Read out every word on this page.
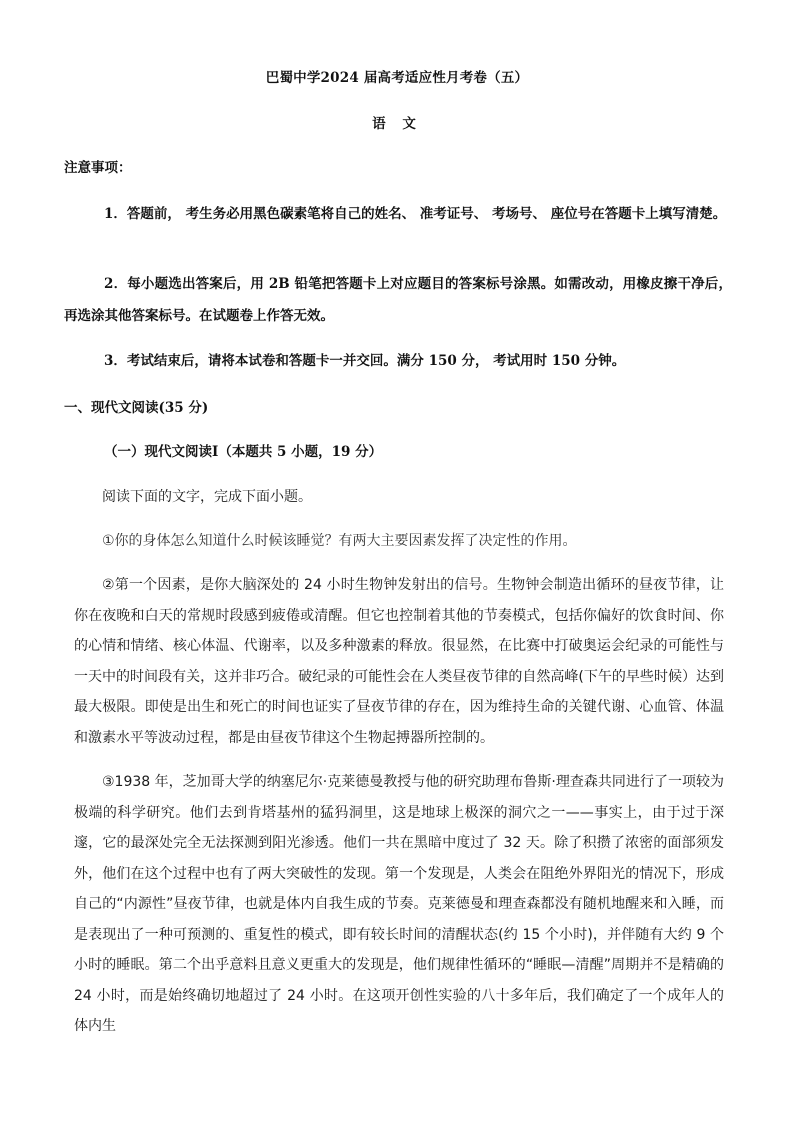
巴蜀中学2024 届高考适应性月考卷（五）
语 文
注意事项：
1．答题前， 考生务必用黑色碳素笔将自己的姓名、 准考证号、 考场号、 座位号在答题卡上填写清楚。
2．每小题选出答案后，用 2B 铅笔把答题卡上对应题目的答案标号涂黑。如需改动，用橡皮擦干净后，再选涂其他答案标号。在试题卷上作答无效。
3．考试结束后，请将本试卷和答题卡一并交回。满分 150 分， 考试用时 150 分钟。
一、现代文阅读(35 分)
（一）现代文阅读Ⅰ（本题共 5 小题，19 分）
阅读下面的文字，完成下面小题。
①你的身体怎么知道什么时候该睡觉？有两大主要因素发挥了决定性的作用。
②第一个因素，是你大脑深处的 24 小时生物钟发射出的信号。生物钟会制造出循环的昼夜节律，让你在夜晚和白天的常规时段感到疲倦或清醒。但它也控制着其他的节奏模式，包括你偏好的饮食时间、你的心情和情绪、核心体温、代谢率，以及多种激素的释放。很显然，在比赛中打破奥运会纪录的可能性与一天中的时间段有关，这并非巧合。破纪录的可能性会在人类昼夜节律的自然高峰(下午的早些时候）达到最大极限。即使是出生和死亡的时间也证实了昼夜节律的存在，因为维持生命的关键代谢、心血管、体温和激素水平等波动过程，都是由昼夜节律这个生物起搏器所控制的。
③1938 年，芝加哥大学的纳塞尼尔·克莱德曼教授与他的研究助理布鲁斯·理查森共同进行了一项较为极端的科学研究。他们去到肯塔基州的猛犸洞里，这是地球上极深的洞穴之一——事实上，由于过于深邃，它的最深处完全无法探测到阳光渗透。他们一共在黑暗中度过了 32 天。除了积攒了浓密的面部须发外，他们在这个过程中也有了两大突破性的发现。第一个发现是，人类会在阻绝外界阳光的情况下，形成自己的“内源性”昼夜节律，也就是体内自我生成的节奏。克莱德曼和理查森都没有随机地醒来和入睡，而是表现出了一种可预测的、重复性的模式，即有较长时间的清醒状态(约 15 个小时)，并伴随有大约 9 个小时的睡眠。第二个出乎意料且意义更重大的发现是，他们规律性循环的“睡眠—清醒”周期并不是精确的 24 小时，而是始终确切地超过了 24 小时。在这项开创性实验的八十多年后，我们确定了一个成年人的体内生
